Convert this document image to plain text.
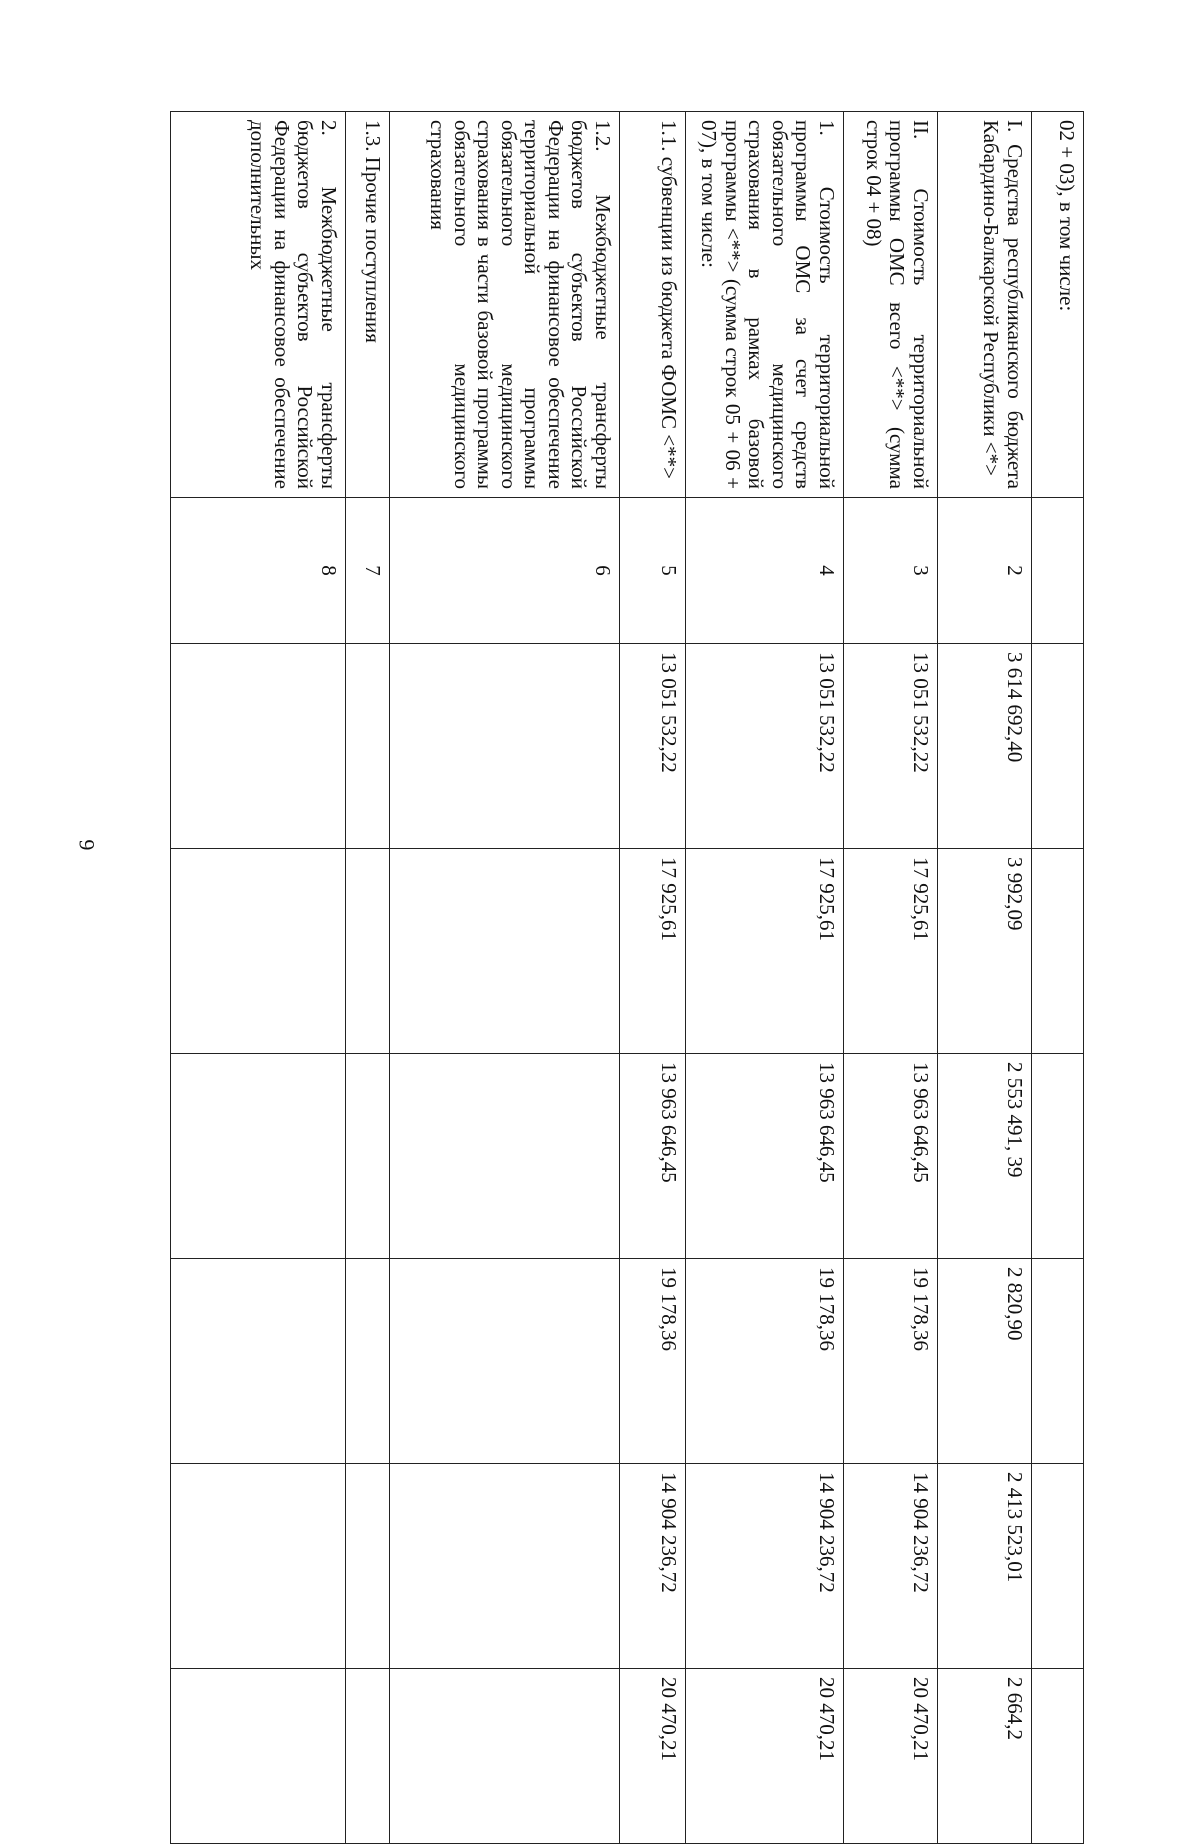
6
02 + 03), в том числе:							
I. Средства республиканского бюджета Кабардино-Балкарской Республики <*>	2	3 614 692,40	3 992,09	2 553 491, 39	2 820,90	2 413 523,01	2 664,2
II. Стоимость территориальной программы ОМС всего <**> (сумма строк 04 + 08)	3	13 051 532,22	17 925,61	13 963 646,45	19 178,36	14 904 236,72	20 470,21
1. Стоимость территориальной программы ОМС за счет средств обязательного медицинского страхования в рамках базовой программы <**> (сумма строк 05 + 06 + 07), в том числе:	4	13 051 532,22	17 925,61	13 963 646,45	19 178,36	14 904 236,72	20 470,21
1.1. субвенции из бюджета ФОМС <**>	5	13 051 532,22	17 925,61	13 963 646,45	19 178,36	14 904 236,72	20 470,21
1.2. Межбюджетные трансферты бюджетов субъектов Российской Федерации на финансовое обеспечение территориальной программы обязательного медицинского страхования в части базовой программы обязательного медицинского страхования	6						
1.3. Прочие поступления	7						
2. Межбюджетные трансферты бюджетов субъектов Российской Федерации на финансовое обеспечение дополнительных	8						
